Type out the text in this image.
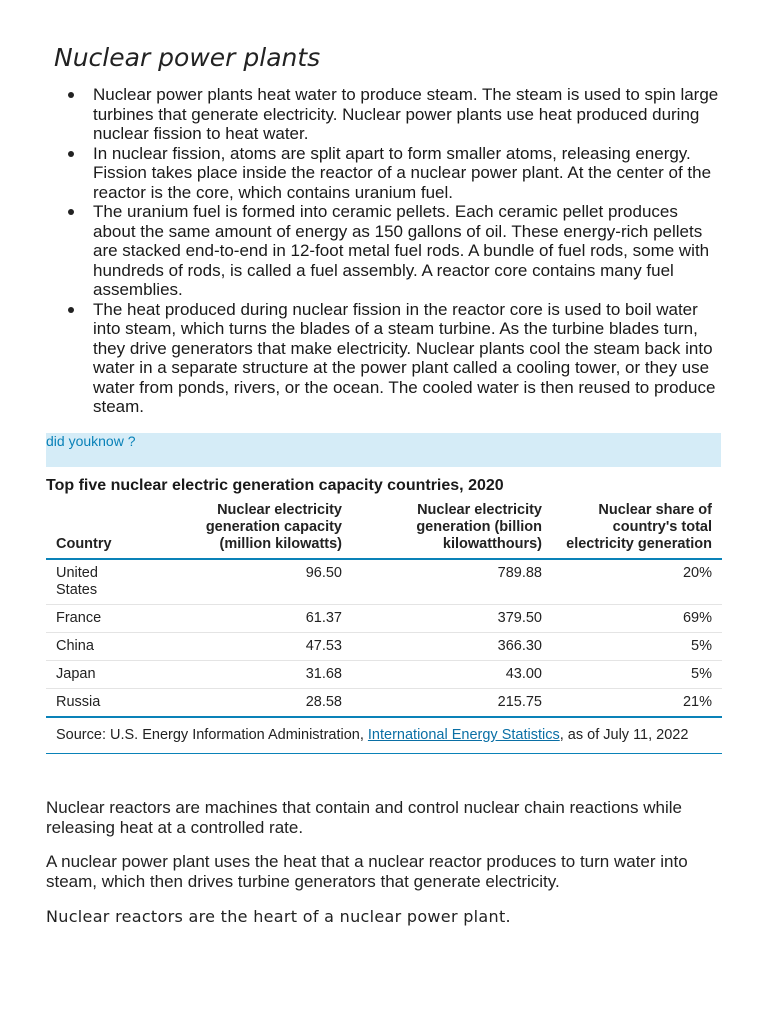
Nuclear power plants
Nuclear power plants heat water to produce steam. The steam is used to spin large turbines that generate electricity. Nuclear power plants use heat produced during nuclear fission to heat water.
In nuclear fission, atoms are split apart to form smaller atoms, releasing energy. Fission takes place inside the reactor of a nuclear power plant. At the center of the reactor is the core, which contains uranium fuel.
The uranium fuel is formed into ceramic pellets. Each ceramic pellet produces about the same amount of energy as 150 gallons of oil. These energy-rich pellets are stacked end-to-end in 12-foot metal fuel rods. A bundle of fuel rods, some with hundreds of rods, is called a fuel assembly. A reactor core contains many fuel assemblies.
The heat produced during nuclear fission in the reactor core is used to boil water into steam, which turns the blades of a steam turbine. As the turbine blades turn, they drive generators that make electricity. Nuclear plants cool the steam back into water in a separate structure at the power plant called a cooling tower, or they use water from ponds, rivers, or the ocean. The cooled water is then reused to produce steam.
did youknow ?
Top five nuclear electric generation capacity countries, 2020
Country	Nuclear electricity generation capacity (million kilowatts)	Nuclear electricity generation (billion kilowatthours)	Nuclear share of country's total electricity generation
United States	96.50	789.88	20%
France	61.37	379.50	69%
China	47.53	366.30	5%
Japan	31.68	43.00	5%
Russia	28.58	215.75	21%
Source: U.S. Energy Information Administration, International Energy Statistics, as of July 11, 2022

Nuclear reactors are machines that contain and control nuclear chain reactions while releasing heat at a controlled rate.

A nuclear power plant uses the heat that a nuclear reactor produces to turn water into steam, which then drives turbine generators that generate electricity.

Nuclear reactors are the heart of a nuclear power plant.
